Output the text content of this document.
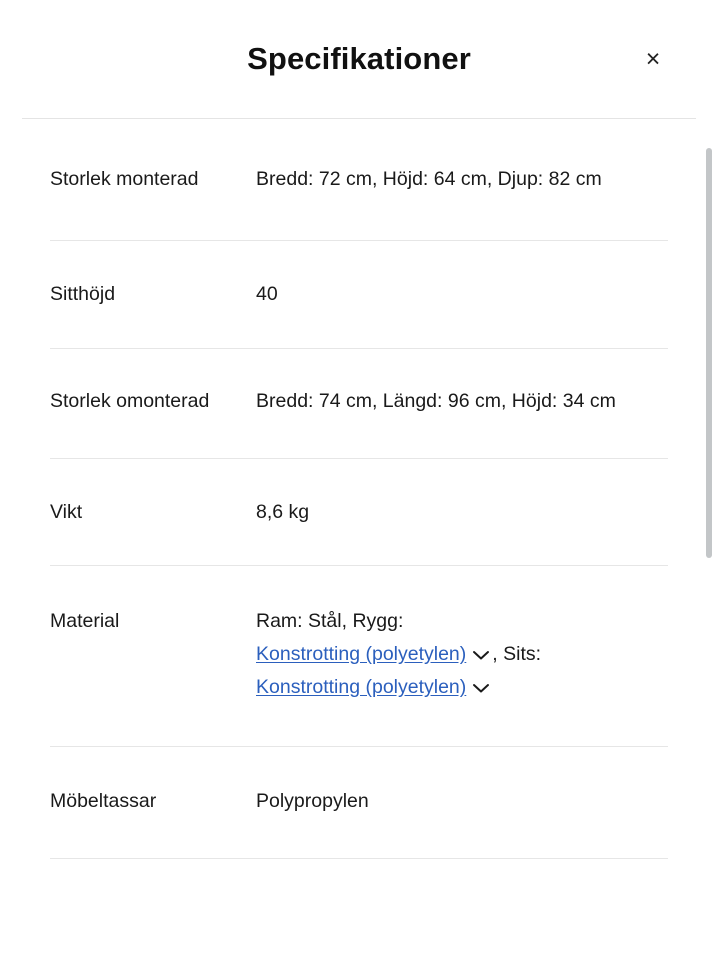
Specifikationer	×
Storlek monterad	Bredd: 72 cm, Höjd: 64 cm, Djup: 82 cm
Sitthöjd	40
Storlek omonterad	Bredd: 74 cm, Längd: 96 cm, Höjd: 34 cm
Vikt	8,6 kg
Material	Ram: Stål, Rygg:
Konstrotting (polyetylen) , Sits:
Konstrotting (polyetylen)
Möbeltassar	Polypropylen
